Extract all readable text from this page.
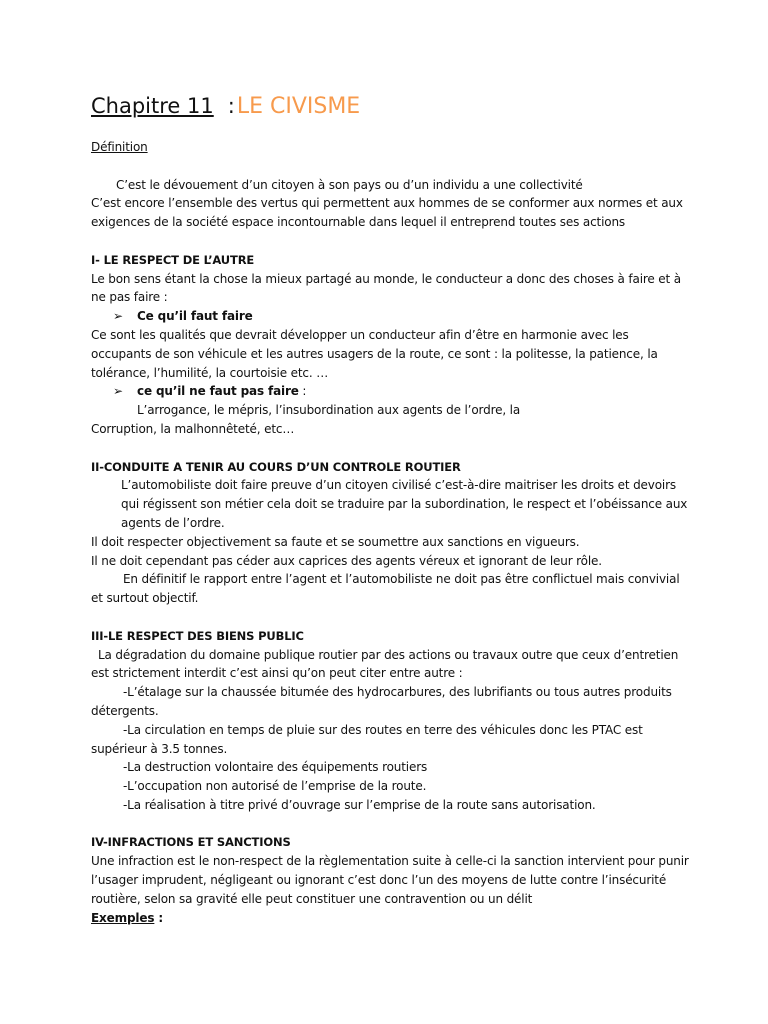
Chapitre 11 :LE CIVISME

Définition

C’est le dévouement d’un citoyen à son pays ou d’un individu a une collectivité

C’est encore l’ensemble des vertus qui permettent aux hommes de se conformer aux normes et aux exigences de la société espace incontournable dans lequel il entreprend toutes ses actions

I- LE RESPECT DE L’AUTRE

Le bon sens étant la chose la mieux partagé au monde, le conducteur a donc des choses à faire et à ne pas faire :

➢ Ce qu’il faut faire

Ce sont les qualités que devrait développer un conducteur afin d’être en harmonie avec les occupants de son véhicule et les autres usagers de la route, ce sont : la politesse, la patience, la tolérance, l’humilité, la courtoisie etc. …

➢ ce qu’il ne faut pas faire :

L’arrogance, le mépris, l’insubordination aux agents de l’ordre, la

Corruption, la malhonnêteté, etc…

II-CONDUITE A TENIR AU COURS D’UN CONTROLE ROUTIER

L’automobiliste doit faire preuve d’un citoyen civilisé c’est-à-dire maitriser les droits et devoirs qui régissent son métier cela doit se traduire par la subordination, le respect et l’obéissance aux agents de l’ordre.

Il doit respecter objectivement sa faute et se soumettre aux sanctions en vigueurs.

Il ne doit cependant pas céder aux caprices des agents véreux et ignorant de leur rôle.

En définitif le rapport entre l’agent et l’automobiliste ne doit pas être conflictuel mais convivial et surtout objectif.

III-LE RESPECT DES BIENS PUBLIC

La dégradation du domaine publique routier par des actions ou travaux outre que ceux d’entretien est strictement interdit c’est ainsi qu’on peut citer entre autre :

-L’étalage sur la chaussée bitumée des hydrocarbures, des lubrifiants ou tous autres produits détergents.

-La circulation en temps de pluie sur des routes en terre des véhicules donc les PTAC est supérieur à 3.5 tonnes.

-La destruction volontaire des équipements routiers

-L’occupation non autorisé de l’emprise de la route.

-La réalisation à titre privé d’ouvrage sur l’emprise de la route sans autorisation.

IV-INFRACTIONS ET SANCTIONS

Une infraction est le non-respect de la règlementation suite à celle-ci la sanction intervient pour punir l’usager imprudent, négligeant ou ignorant c’est donc l’un des moyens de lutte contre l’insécurité routière, selon sa gravité elle peut constituer une contravention ou un délit

Exemples :
